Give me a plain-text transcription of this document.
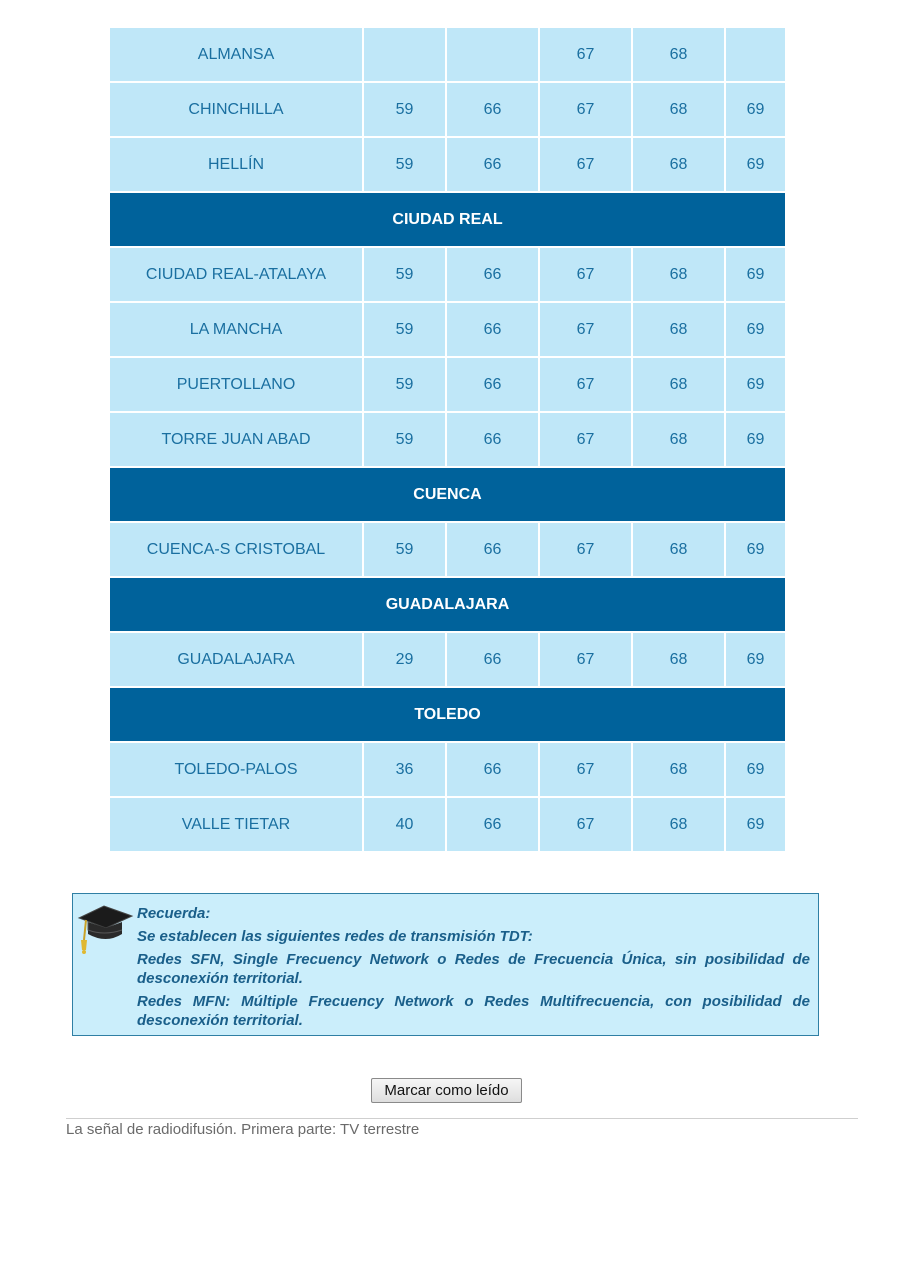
ALMANSA			67	68	
CHINCHILLA	59	66	67	68	69
HELLÍN	59	66	67	68	69
CIUDAD REAL					
CIUDAD REAL-ATALAYA	59	66	67	68	69
LA MANCHA	59	66	67	68	69
PUERTOLLANO	59	66	67	68	69
TORRE JUAN ABAD	59	66	67	68	69
CUENCA					
CUENCA-S CRISTOBAL	59	66	67	68	69
GUADALAJARA					
GUADALAJARA	29	66	67	68	69
TOLEDO					
TOLEDO-PALOS	36	66	67	68	69
VALLE TIETAR	40	66	67	68	69

Recuerda:

Se establecen las siguientes redes de transmisión TDT:

Redes SFN, Single Frecuency Network o Redes de Frecuencia Única, sin posibilidad de desconexión territorial.

Redes MFN: Múltiple Frecuency Network o Redes Multifrecuencia, con posibilidad de desconexión territorial.

Marcar como leído
La señal de radiodifusión. Primera parte: TV terrestre
